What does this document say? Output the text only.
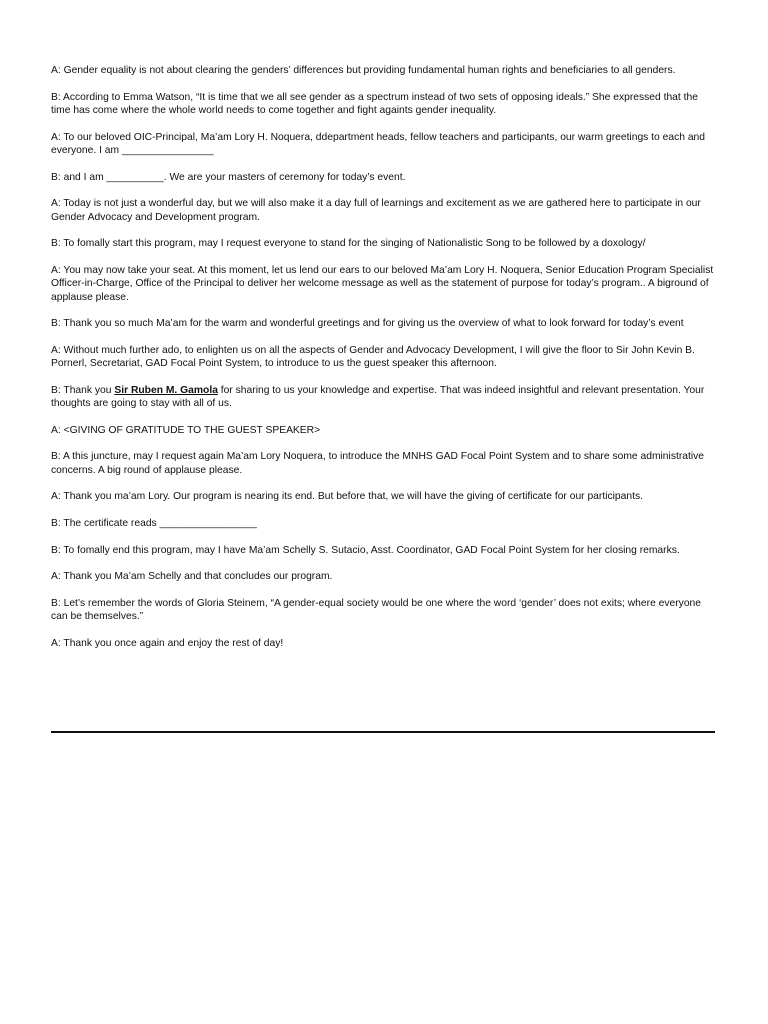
A: Gender equality is not about clearing the genders’ differences but providing fundamental human rights and beneficiaries to all genders.

B: According to Emma Watson, “It is time that we all see gender as a spectrum instead of two sets of opposing ideals.” She expressed that the time has come where the whole world needs to come together and fight againts gender inequality.

A: To our beloved OIC-Principal, Ma’am Lory H. Noquera, ddepartment heads, fellow teachers and participants, our warm greetings to each and everyone. I am ________________

B: and I am __________. We are your masters of ceremony for today’s event.

A: Today is not just a wonderful day, but we will also make it a day full of learnings and excitement as we are gathered here to participate in our Gender Advocacy and Development program.

B: To fomally start this program, may I request everyone to stand for the singing of Nationalistic Song to be followed by a doxology/

A: You may now take your seat. At this moment, let us lend our ears to our beloved Ma’am Lory H. Noquera, Senior Education Program Specialist Officer-in-Charge, Office of the Principal to deliver her welcome message as well as the statement of purpose for today’s program.. A biground of applause please.

B: Thank you so much Ma’am for the warm and wonderful greetings and for giving us the overview of what to look forward for today’s event

A: Without much further ado, to enlighten us on all the aspects of Gender and Advocacy Development, I will give the floor to Sir John Kevin B. Pornerl, Secretariat, GAD Focal Point System, to introduce to us the guest speaker this afternoon.

B: Thank you Sir Ruben M. Gamola for sharing to us your knowledge and expertise. That was indeed insightful and relevant presentation. Your thoughts are going to stay with all of us.

A: <GIVING OF GRATITUDE TO THE GUEST SPEAKER>

B: A this juncture, may I request again Ma’am Lory Noquera, to introduce the MNHS GAD Focal Point System and to share some administrative concerns. A big round of applause please.

A: Thank you ma’am Lory. Our program is nearing its end. But before that, we will have the giving of certificate for our participants.

B: The certificate reads _________________

B: To fomally end this program, may I have Ma’am Schelly S. Sutacio, Asst. Coordinator, GAD Focal Point System for her closing remarks.

A: Thank you Ma’am Schelly and that concludes our program.

B: Let’s remember the words of Gloria Steinem, “A gender-equal society would be one where the word ‘gender’ does not exits; where everyone can be themselves.”

A: Thank you once again and enjoy the rest of day!
